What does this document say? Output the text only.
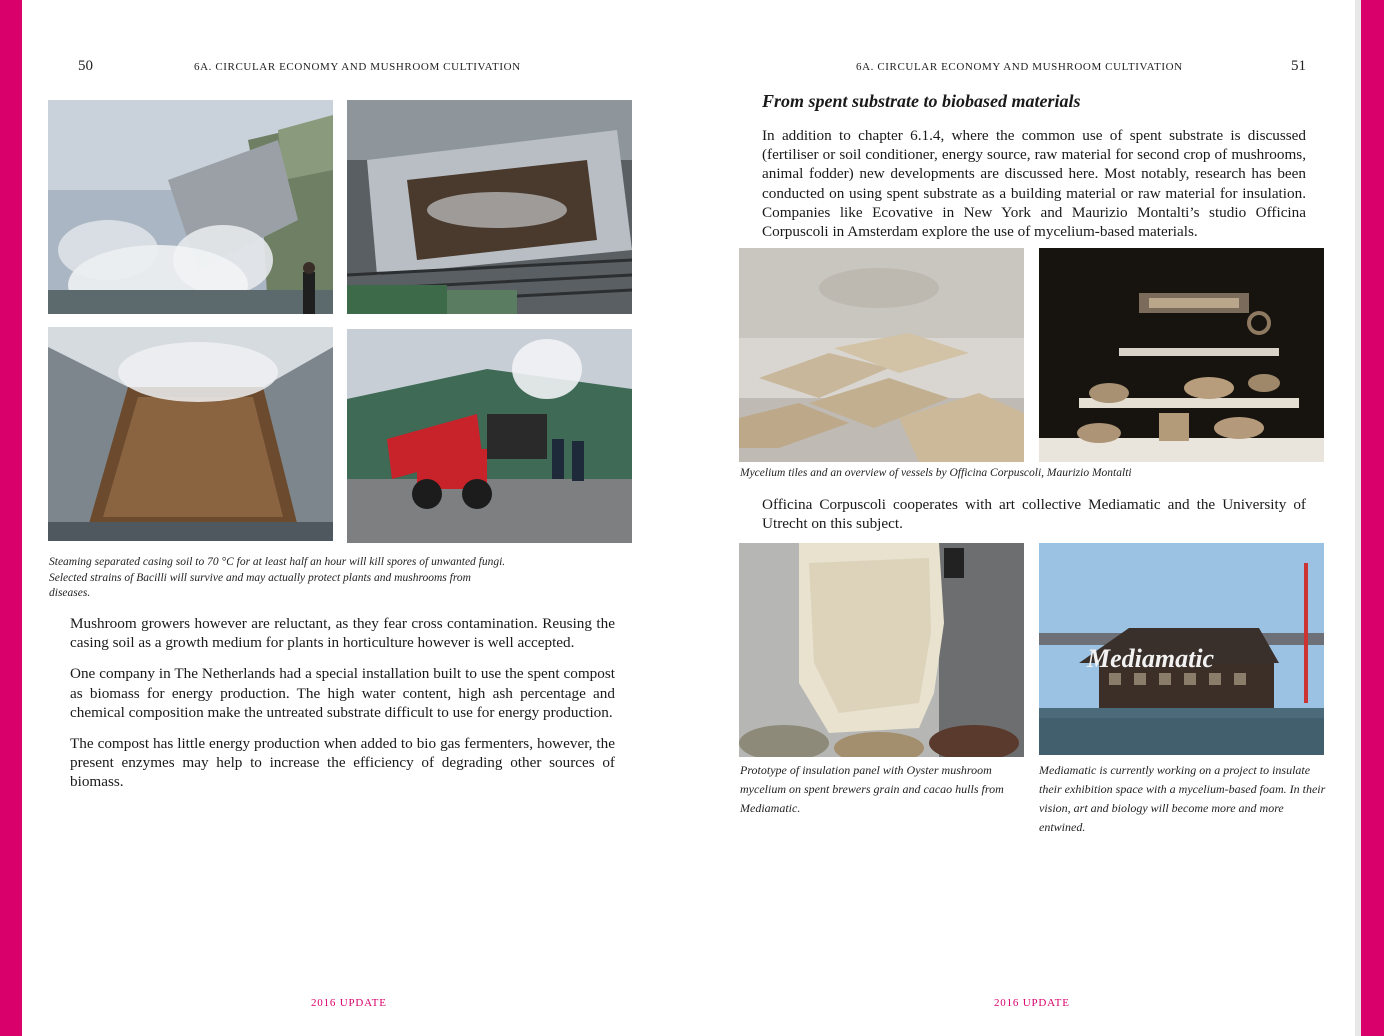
50	6A. CIRCULAR ECONOMY AND MUSHROOM CULTIVATION
Steaming separated casing soil to 70 °C for at least half an hour will kill spores of unwanted fungi. Selected strains of Bacilli will survive and may actually protect plants and mushrooms from diseases.

Mushroom growers however are reluctant, as they fear cross contamination. Reusing the casing soil as a growth medium for plants in horticulture however is well accepted.

One company in The Netherlands had a special installation built to use the spent compost as biomass for energy production. The high water content, high ash percentage and chemical composition make the untreated substrate difficult to use for energy production.

The compost has little energy production when added to bio gas fermenters, however, the present enzymes may help to increase the efficiency of degrading other sources of biomass.

2016 UPDATE
6A. CIRCULAR ECONOMY AND MUSHROOM CULTIVATION	51
From spent substrate to biobased materials

In addition to chapter 6.1.4, where the common use of spent substrate is discussed (fertiliser or soil conditioner, energy source, raw material for second crop of mushrooms, animal fodder) new developments are discussed here. Most notably, research has been conducted on using spent substrate as a building material or raw material for insulation. Companies like Ecovative in New York and Maurizio Montalti’s studio Officina Corpuscoli in Amsterdam explore the use of mycelium-based materials.

Mycelium tiles and an overview of vessels by Officina Corpuscoli, Maurizio Montalti

Officina Corpuscoli cooperates with art collective Mediamatic and the University of Utrecht on this subject.

Mediamatic
Prototype of insulation panel with Oyster mushroom mycelium on spent brewers grain and cacao hulls from Mediamatic.
Mediamatic is currently working on a project to insulate their exhibition space with a mycelium-based foam. In their vision, art and biology will become more and more entwined.
2016 UPDATE
